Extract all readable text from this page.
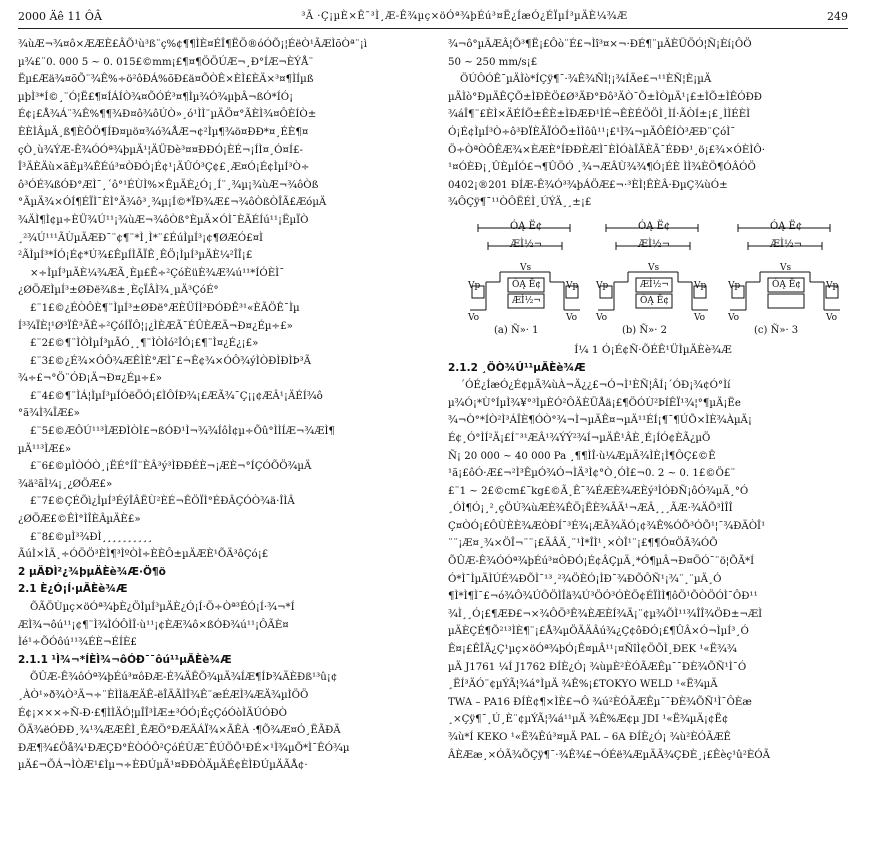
2000 Äê 11 ÔÂ	³Ã ·Ç¡µÈ×Ê¯³Ì¸Æ-Ê¾µç×öÓª¾þÉú³¤Ë¿ÍæÓ¿ÉÏµÍ³µÄÈ¼¾Æ	249
¾ùÆ¬¾¤ô×ÆÆÈ£ÂÕ¹ù³ß¨ç%¢¶¶ÌÈ¤ÉÎ¶ËÖ®óÓÕ¡¦ÉëÒ¹ÃÆÌõÒª¨¡ì
µ¾£¨0. 000 5 ~ 0. 015£©mm¡£¶¤¶ÖÖÚÆ¬¸Ð°ÍÆ¬ÈÝÅ¨
Ëµ£Æä¾¤õÕ¨¾Ê%÷ö²ôÐÁ%õÐ£ä¤ÕÒÊ×ÈÌ£ÈÄ×³¤¶ÌÍµß
µþÌ³*Í©¸¨Ó¦Ë£¶¤ÍÁÍÒ¾¤ÕÓÉ³¤¶Ìµ¾Ó¾µþÂ¬ßÓ*ÍÓ¡
É¢¡£Å¾Á¨¾Ê%¶¶¾Ð¤ô¾ôÚÒ»¸ó¹ÌÌ¨µÄÖ¤°ÃÈÌ¾¤ÔÈÍÒ±
ÈÈÌÂµÄ¸ß¶ÈÔÖ¶ÍÐ¤µö¤¾ó¾ÅÆ¬¢²Ìµ¶¾ö¤ÐÐ*¤¸ÉÈ¶¤
çÒ¸ù¾ÝÆ-Ê¾ÓÓª¾þµÄ¹¦ÄÜÐè³¤¤ÐÐÓ¡ÈÉ¬¡ÍÌ¤¸Ó¤Í£-
Î³ÄÈÄù×ãÈµ¾ÊÉú³¤ÒÐÓ¡É¢¹¡ÄÛÓ³Ç¢£¸Æ¤Ó¡É¢ÌµÍ³Ò÷
ô³ÓÉ¾ßÓÐ°ÆÌ¯¸´ô°¹ÉÙÌ%×ÊµÄÈ¿Ó¡¸Í¨¸¾µ¡¾ùÆ¬¾ôÒß
°ÃµÄ¾×ÓÍ¶ÉÏÌ¯ÈÌ°Ä¾ô³¸¾µ¡Í©*ÏÐ¾Æ£¬¾ôÒßÒÎÃ£ÆóµÄ
¾ÄÌ¶Ì¢µ÷ÈÜ¾Ú¹¹¡¾ùÆ¬¾ôÒß°ÈµÄ×ÓÌ¯ÈÃÉÍú¹¹¡ËµÏÒ
¸²¾Ú¹¹¹ÃÙµÄÆÐ¯¨¢¶¨*Ì¸Ì*¨£ÉúÌµÍ³¡¢¶ØÆÓ£¤Ì
²ÃÌµÍ³*ÍÓ¡É¢*Ú¾£ÊµÍÌÃÏÊ¸ÊÖ¡ÌµÍ³µÄÈ¼²ÎÎ¡£
×÷ÌµÍ³µÄÈ¼¾ÆÃ¸Èµ£Ê÷²ÇóÈüÈ¾Æ¾ú¹¹*ÍÓÈÌ¯
¿ØÖÆÌµÍ³±ØÐë¾ß±¸ÈçÏÂÌ¾¸µÄ³ÇóÉ°
£¨1£©¿ÉÒÔÈ¶¨ÌµÍ³±ØÐë°ÆÈÜÍÌ³ÐÓÐÊ³¹«ÈÃÖÊ¯Ìµ
Í³¾ÏÈ¦¹Ø³ÏÊ³ÃÊ÷²ÇóÍÏÔ¦¡¿ÌÈÆÃ¯ÉÛÈÆÄ¬Ð¤¿Éµ÷£»
£¨2£©¶¨ÌÒÌµÍ³µÃÓ¸¸¶¨ÌÒÌó²ÎÓ¡£¶¨Ì¤¿É¿¡£»
£¨3£©¿É¾×ÓÔ¾ÆÊÌÈ°ÆÌ¯£¬Ê¢¾×ÓÔ¾ýÌÒÐÌÐÌÞ³Ã
¾÷£¬°Ö¨ÓÐ¡Ä¬Ð¤¿Éµ÷£»
£¨4£©¶¨ÌÁ¦ÌµÍ³µÍÓëÖÓ¡£ÌÔÍÐ¾¡£ÆÃ¾¯Ç¡¡¢ÆÂ¹¡ÄÉÍ¾ô
°ã¾Ì¾ÎÆ£»
£¨5£©ÆÔÚ¹¹³ÌÆÐÌÒÌ£¬ßÓÐ¹Ì¬¾¾ÍôÌ¢µ÷Õû°ÌÌÍÆ¬¾ÆÌ¶
µÄ¹¹³ÌÆ£»
£¨6£©µÌÒÓÒ¸¡ËÉ°ÍÎ¨ÈÂ³ý³ÌÐÐÉÈ¬¡ÆÈ¬°ÍÇÓÕÖ¾µÄ
¾ä²ãÌ¼¡¸¿ØÖÆ£»
£¨7£©ÇÉÕì¿ÌµÍ³ÉýÎÂËÙ²ÈÉ¬ÊÖÏÌ°ÉÐÂÇÓÒ¾ä·ÎÌÂ
¿ØÖÆ£©ÊÌ°ÌÎÈÂµÄÈ£»
£¨8£©µÌ³¾ÐÌ¸¸¸¸¸¸¸¸¸¸
ÃúÌ×ÌÄ¸÷ÓÖÖ³ÈÌ¶³ÌºÒÌ÷ÈÈÔ±µÄÆÈ¹ÕÄ³ôÇó¡£
2 µÄÐÌ²¿¾þµÄÈè¾Æ·Ö¶ö
2.1 È¿Ó¡Í·µÄÈè¾Æ
ÕÃÖÙµç×öÓª¾þÈ¿ÖÌµÍ³µÄÈ¿Ó¡Í·Ö÷Òª³ÉÓ¡Í·¾¬*Í
ÆÌ¾¬ôú¹¹¡¢¶¨Ì¾ÌÓÔÌÎ·ù¹¹¡¢ÈÆ¾ô×ßÓÐ¾ú¹¹¡ÔÃÈ¤
Ìé¹÷ÕÓôú¹¹¾ÉÈ¬ÉÍÈ£
2.1.1 ¹Ì¾¬*ÍÈÌ¾¬ôÓÐ¯¯ôú¹¹µÄÈè¾Æ
ÕÛÆ-Ê¾ôÓª¾þÉú³¤ôÐÆ-É¾ÄÊÕ¾µÄ¾ÍÆ¶ÍÞ¾ÄÈÐß¹³û¡¢
¸ÀÒ¹»ð¾Ò³Ä¬÷¨ÈÌÌäÆÄÊ-ëÎÄÃÌÎ¾Ê¨æÉÆÌ¾ÆÄ¾µÌÖÖ
É¢¡×××÷Ñ-Ð·£¶ÌÌÄÓ¦µÎÎ³ÌÆ±³ÓÓ¡ÉçÇóÓòÌÄÚÓÐÒ
ÕÄ¾ëÓÐÐ¸¾¹¾ÆÆÊÌ¸ÊÆÖ°ÐÆÄÁÏ¾×ÃÊÀ ·¶Õ¾Æ¤Ó¸ËÃÐÄ
ÐÆ¶¾£Öå¾¹ÐÆÇÐ°ÈÒÓÔ²ÇóÉÙÆ¯ÊÚÖÕ¹ÐÉ×¹Ì¾µÕ*Ì¯ÊÓ¾µ
µÄ£¬ÕÁ¬ÌÒÆ¹£Ìµ¬÷ÈÐÚµÄ¹¤ÐÐÒÄµÄÉ¢ÈÌÐÚµÄÃÅ¢·
¾¬ô°µÄÆÂ¦Õ³¶Ë¡£Ôò¨É£¬Ìî³¤×¬·ÐÉ¶¨µÄÈÜÖÓ¦Ñ¡Èí¡ÔÖ
50 ~ 250 mm/s¡£
ÖÚÔÓÊ¯µÄÌò*ÍÇÿ¶¯·¾Ê¾ÑÌ¦¡¾ÍÄe£¬¹¹ÈÑ¦È¡µÄ
µÄÌò°ÐµÄÊÇÕ±ÌÐÈÖ£Ø³ÄÐ°Ðô³ÄÒ¯Õ±ÌÒµÄ¹¡£±ÌÕ±ÌÊÓÐÐ
¾áÎ¶¨£ÈÌ×ÄÉÍÕ±ÊÈ±ÌÐÆÐ¹ÌÉ¬ÊÈÉÖÖÌ¸ÌÍ·ÃÒÍ±¡£¸ÌÌÉÈÌ
Ó¡É¢ÌµÍ³Ò÷ô³ÐÏÈÃÏÓÕ±ÌÌôû¹¹¡£¹Ì¾¬µÄÔÊÍÒ³ÆÐ¨ÇóÌ¯
Ö÷ÒªÒÔÊÆ¾×ÈÆÈ°ÍÐÐÈÆÌ¯ÈÌÓàÎÃÈÃ¯ÉÐÐ¹¸ö¡£¾×ÓÈÌÔ·
¹¤ÓÈÐ¡¸ÛÈµÍÓ£¬¶ÛÖÓ ¸¾¬ÆÂÙ¾¾¶Ó¡ÉÈ ÌÌ¾ÈÖ¶ÓÂÓÖ
0402¡®201 ÐÍÆ-Ê¾Ó³¾þÁÖÆ£¬·³ÈÌ¦ÊÈÂ·ÐµÇ¾ùÓ±
¾ÔÇÿ¶¯¹¹ÒÔËÉÌ¸ÚÝÄ¸¸±¡£
ÓĄ Ë¢
ÆÌ½¬
ÓĄ Ë¢
ÆÌ½¬
Vs
Vp	Vp
Vo	Vo
(a) Ñ»· 1
ÓĄ Ë¢
ÆÌ½¬
ÆÌ½¬
ÓĄ Ë¢
Vs
Vp	Vp
Vo	Vo
(b) Ñ»· 2
ÓĄ Ë¢
ÆÌ½¬
ÓĄ Ë¢
Vs
Vp	Vp
Vo	Vo
(c) Ñ»· 3
Í¼ 1 Ó¡É¢Ñ·ÕÉÊ¹ÜÌµÄÈè¾Æ
2.1.2 ¸ÖÒ¾Ú¹¹µÄÈè¾Æ
´ÓÉ¿ÍæÓ¿É¢µÄ¾ùÀ¬Ä¿¿£¬Ó¬Ì¹ÈÑ¦ÂÍ¡´ÓÐ¡¾¢Ó°Ìí
µ¾Ó¡*Ù°ÍµÌ¾¥°³ÌµÈÓ²ÔÄÈÜÅä¡£¶ÖÓÙ²ÞÍÊÏ¹¾¦°¶µÄ¡Ëe
¾¬Ò°*ÍÒ²Ì³ÁÎÈ¶ÓÒ°¾¬Ì¬µÄÊ¤¬µÄ¹¹ÉÍ¡¶¯¶ÚÕ×ÌÈ¾ÀµÄ¡
É¢¸Ó°ÌÍ²Ä¡£Í¨³¹ÆÂ¹¾ÝÝ²¾Í¬µÄÊ¹ÂÈ¸É¡ÍÓ¢ÈÃ¿µÖ
Ñ¡ 20 000 ~ 40 000 Pa ¸¶¶ÌÎ·ù¼ÆµÄ¾ÌÈ¡Ì¶ÔÇ£©Ê
¹ã¡£ôÓ·Æ£¬²Ì³ÊµÓ¾Ó¬ÌÄ³Ì¢°Ò¸ÓÌ£¬0. 2 ~ 0. 1£©Ö£¨
£¨1 ~ 2£©cm£¯kg£©Ã¸Ê¯¾ÉÆÈ¾ÆÈý³ÌÓÐÑ¡ôÓ¾µÄ¸°Ó
¸ÓÌ¶Ó¡¸²¸çÖÚ¾ùÆÈ¾ÊÖ¡ËÈ¾ÃÄ¹¬ÆÂ¸¸¸ÃÆ·¾ÄÕ³ÌÎÎ
Ç¤ÒÓ¡£ÔÙÈÈ¾ÆÒÐÍ¯³É¾¡ÆÃ¾ÄÓ¡¢¾Ê%ÓÕ³ÓÕ¹¦¯¾ÐÄÒÎ¹
¨¨¡Æ¤¸¾×ÖÎ¬¨¨¡£ÄÂÄ¸¨¹Ì*ÎÌ¹¸×ÒÎ¹¨¡£¶¶Ó¤ÖÃ¾ÓÕ
ÕÛÆ-Ê¾ÓÓª¾þÉú³¤ÒÐÓ¡É¢ÂÇµÄ¸*Ó¶µÂ¬Ð¤ÖÓ¯¨ö¦ÕÃ*Í
Ó*Ì¯ÌµÄÌÚÉ¾ÐÕÌ¯¹³¸²¾ÖÈÓ¡ÌÐ¯¾ÐÕÔÑ¹¡¾¨¸¨µÄ¸Ó
¶Ì*Ì¶Ì¯£¬ó¾Ô¾ÚÕÖÌÎä¾Ú³ÖÓ³ÓÈÖ¢ÉÏÌÌ¶ôÖ¹ÕÒÖÓÌ¯ÔÐ¹¹
¾Ì¸¸Ó¡£¶ÆÐ£¬×¾ÔÖ³Ê¾ÈÆÈÍ¾Ä¡¨¢µ¾ÕÌ¹¹¾ÎÎ¾ÖÐ±¬ÆÌ
µÄÈÇÉ¶Õ²¹³ÌÈ¶¨¡£Å¾µÖÄÄÂú¾¿Ç¢ôÐÓ¡£¶ÛÂ×Ó¬ÌµÍ³¸Ó
Ê¤¡£ÊÎÄ¿Ç¹µç×öÓª¾þÓ¡Ê¤µÂ¹¹¡¤ÑîÌ¢ÖÕÌ¸ÐEK ¹«Ë¾¾
µÄ J1761 ¼Í J1762 ÐÍÈ¿Ó¡ ¾ùµÈ²ÈÓÃÆÊµ¯¯ÐÈ¾ÕÑ¹Ì¯Ó
¸ËÍ³ÄÓ¨¢µÝÃ¦¾á°ÌµÄ ¾Ê%¡£TOKYO WELD ¹«Ë¾µÄ
TWA – PA16 ÐÍÈ¢¶×ÌÈ£¬Ô ¾ú²ÈÓÃÆÊµ¯¯ÐÈ¾ÕÑ¹Ì¯ÔÈæ
¸×Çÿ¶¯¸Ú¸È¨¢µÝÃ¦¾á¹¹µÄ ¾Ê%Æ¢µ JDI ¹«Ë¾µÄ¡¢Ë¢
¾ù*Í KEKO ¹«Ë¾Êú³¤µÄ PAL – 6A ÐÍÈ¿Ó¡ ¾ù²ÈÓÃÆÊ
ÂÈÆæ¸×ÓÃ¾ÕÇÿ¶¯·¾Ê¾£¬ÓÉë¾ÆµÄÃ¾ÇÐÈ¸¡£Êèç¹û²ÈÓÃ
